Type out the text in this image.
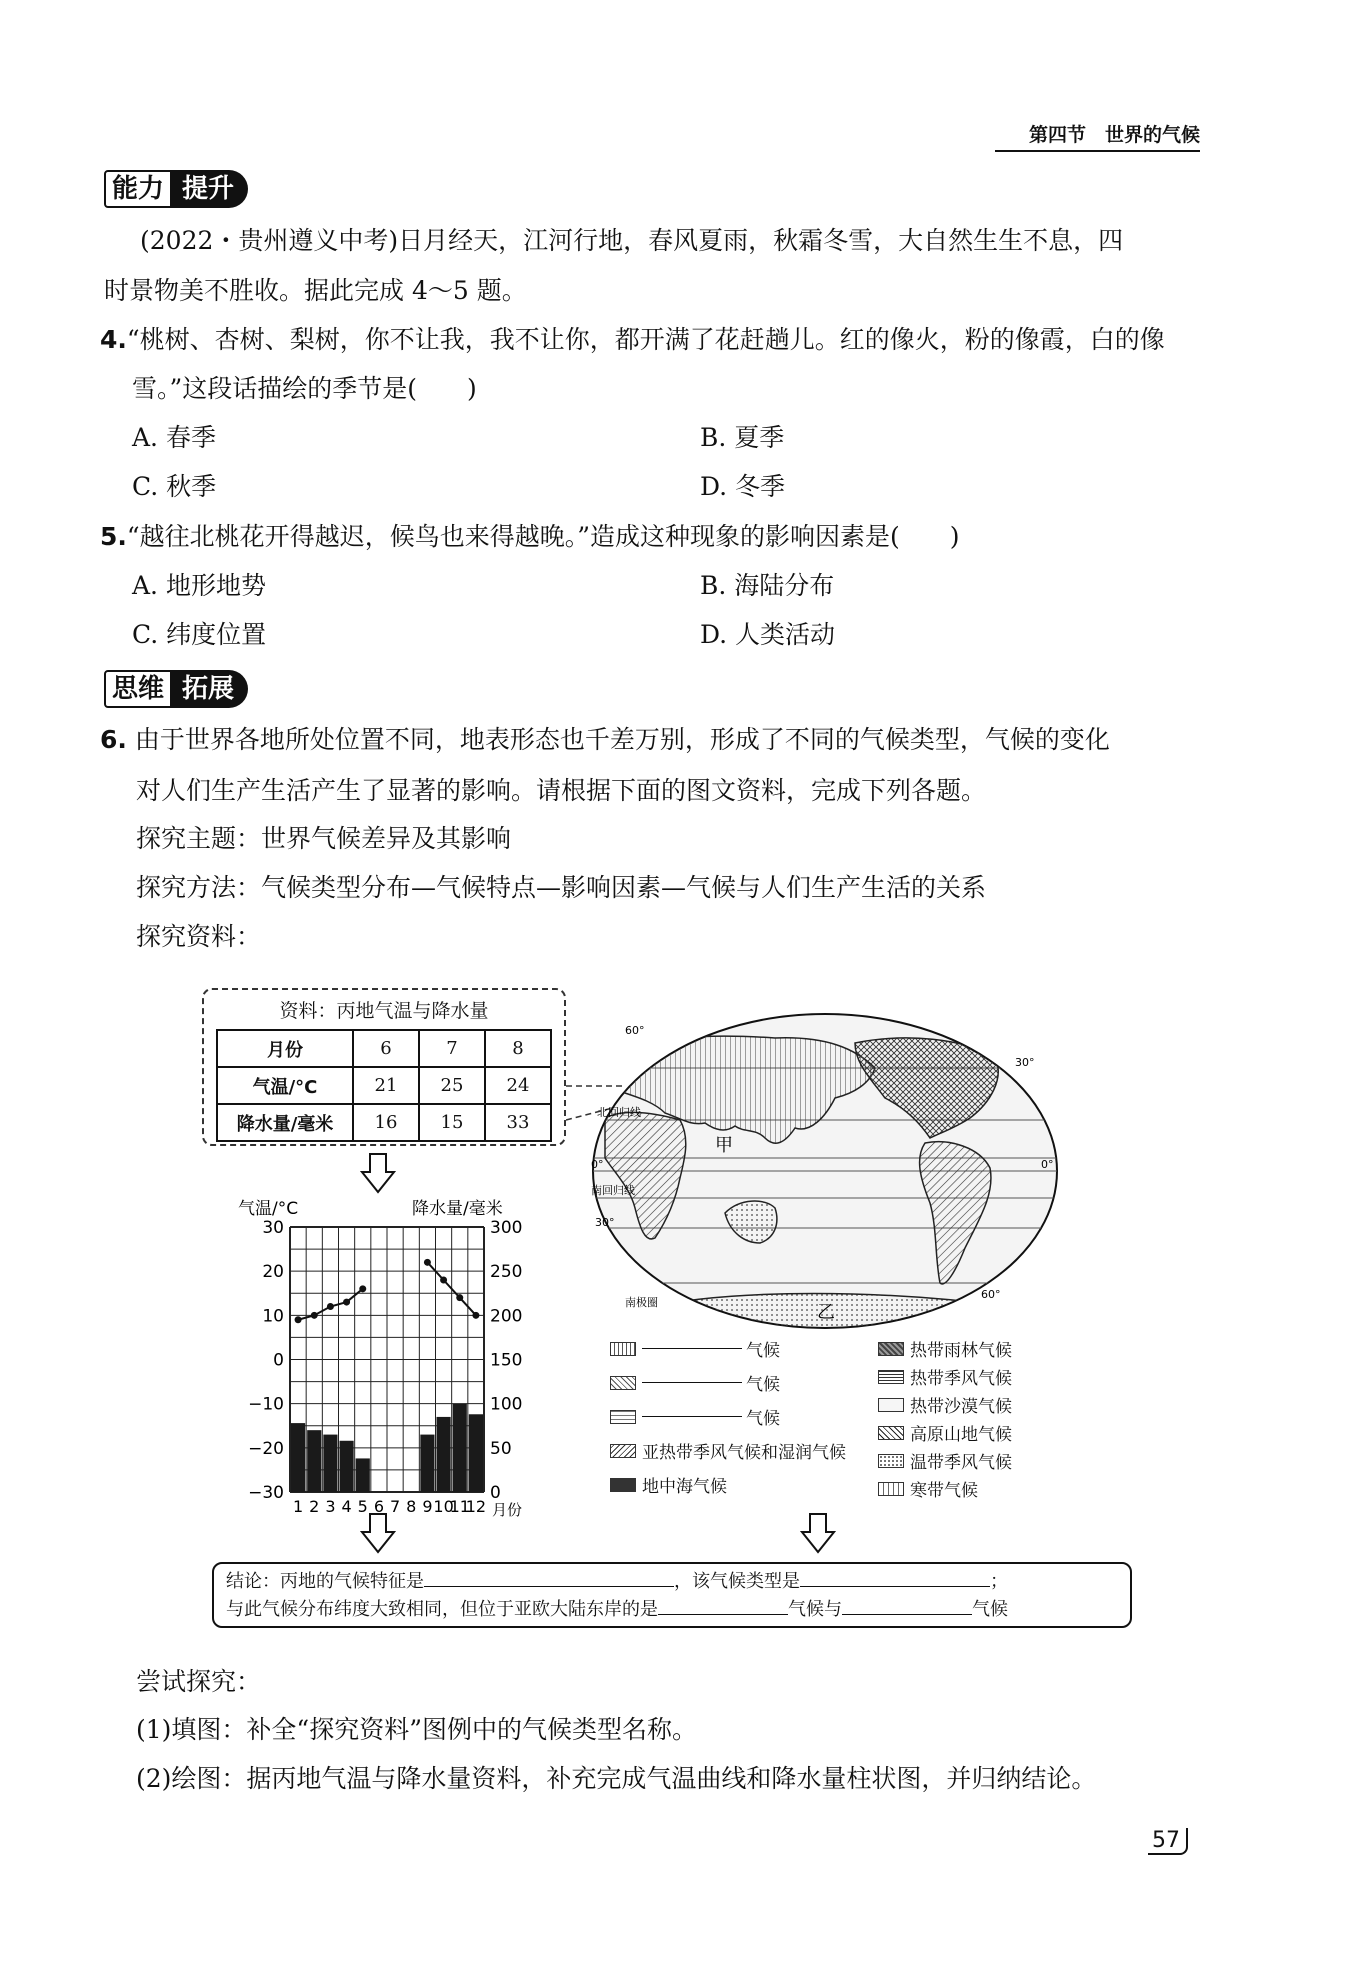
第四节　世界的气候
能力 提升
(2022・贵州遵义中考)日月经天，江河行地，春风夏雨，秋霜冬雪，大自然生生不息，四
时景物美不胜收。据此完成 4～5 题。
4.“桃树、杏树、梨树，你不让我，我不让你，都开满了花赶趟儿。红的像火，粉的像霞，白的像
雪。”这段话描绘的季节是(　　)
A. 春季	B. 夏季
C. 秋季	D. 冬季
5.“越往北桃花开得越迟，候鸟也来得越晚。”造成这种现象的影响因素是(　　)
A. 地形地势	B. 海陆分布
C. 纬度位置	D. 人类活动
思维 拓展
6. 由于世界各地所处位置不同，地表形态也千差万别，形成了不同的气候类型，气候的变化
对人们生产生活产生了显著的影响。请根据下面的图文资料，完成下列各题。
探究主题：世界气候差异及其影响
探究方法：气候类型分布—气候特点—影响因素—气候与人们生产生活的关系
探究资料：
资料：丙地气温与降水量
月份	6	7	8
气温/°C	21	25	24
降水量/毫米	16	15	33
气温/°C	降水量/毫米
30
20
10
0
−10
−20
−30
300
250
200
150
100
50
0
1 2 3 4 5 6 7 8 9 10
11
12 月份
甲
乙
北回归线
南回归线
南极圈
0°	0°
30°
30°
60°
60°
气候
气候
气候
亚热带季风气候和湿润气候
地中海气候
热带雨林气候
热带季风气候
热带沙漠气候
高原山地气候
温带季风气候
寒带气候
结论：丙地的气候特征是	，该气候类型是	；
与此气候分布纬度大致相同，但位于亚欧大陆东岸的是	气候与	气候
尝试探究：
(1)填图：补全“探究资料”图例中的气候类型名称。
(2)绘图：据丙地气温与降水量资料，补充完成气温曲线和降水量柱状图，并归纳结论。
57
